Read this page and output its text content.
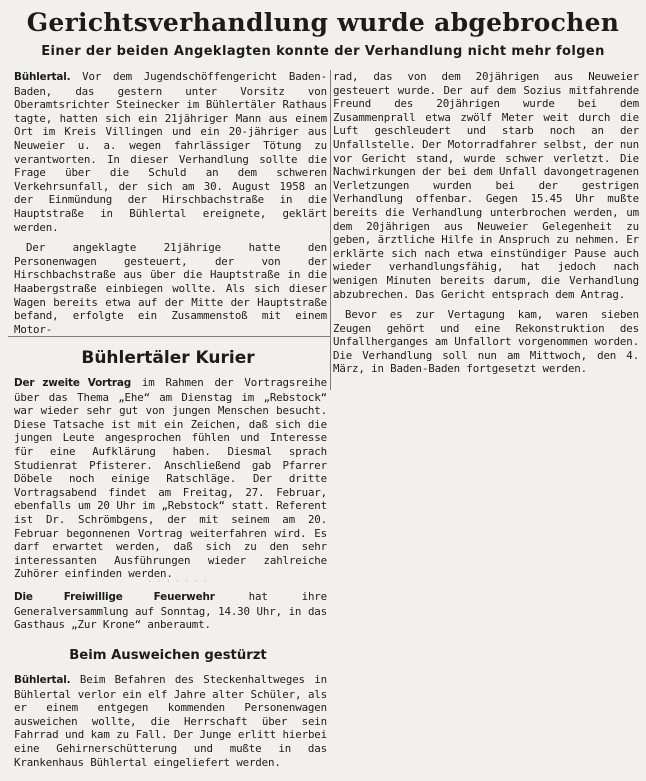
Gerichtsverhandlung wurde abgebrochen
Einer der beiden Angeklagten konnte der Verhandlung nicht mehr folgen

Bühlertal. Vor dem Jugendschöffengericht Baden-Baden, das gestern unter Vorsitz von Oberamtsrichter Steinecker im Bühlertäler Rathaus tagte, hatten sich ein 21jähriger Mann aus einem Ort im Kreis Villingen und ein 20-jähriger aus Neuweier u. a. wegen fahrlässiger Tötung zu verantworten. In dieser Verhandlung sollte die Frage über die Schuld an dem schweren Verkehrsunfall, der sich am 30. August 1958 an der Einmündung der Hirschbachstraße in die Hauptstraße in Bühlertal ereignete, geklärt werden.

Der angeklagte 21jährige hatte den Personenwagen gesteuert, der von der Hirschbachstraße aus über die Hauptstraße in die Haabergstraße einbiegen wollte. Als sich dieser Wagen bereits etwa auf der Mitte der Hauptstraße befand, erfolgte ein Zusammenstoß mit einem Motor-

rad, das von dem 20jährigen aus Neuweier gesteuert wurde. Der auf dem Sozius mitfahrende Freund des 20jährigen wurde bei dem Zusammenprall etwa zwölf Meter weit durch die Luft geschleudert und starb noch an der Unfallstelle. Der Motorradfahrer selbst, der nun vor Gericht stand, wurde schwer verletzt. Die Nachwirkungen der bei dem Unfall davongetragenen Verletzungen wurden bei der gestrigen Verhandlung offenbar. Gegen 15.45 Uhr mußte bereits die Verhandlung unterbrochen werden, um dem 20jährigen aus Neuweier Gelegenheit zu geben, ärztliche Hilfe in Anspruch zu nehmen. Er erklärte sich nach etwa einstündiger Pause auch wieder verhandlungsfähig, hat jedoch nach wenigen Minuten bereits darum, die Verhandlung abzubrechen. Das Gericht entsprach dem Antrag.

Bevor es zur Vertagung kam, waren sieben Zeugen gehört und eine Rekonstruktion des Unfallherganges am Unfallort vorgenommen worden. Die Verhandlung soll nun am Mittwoch, den 4. März, in Baden-Baden fortgesetzt werden.

Bühlertäler Kurier

Der zweite Vortrag im Rahmen der Vortragsreihe über das Thema „Ehe“ am Dienstag im „Rebstock“ war wieder sehr gut von jungen Menschen besucht. Diese Tatsache ist mit ein Zeichen, daß sich die jungen Leute angesprochen fühlen und Interesse für eine Aufklärung haben. Diesmal sprach Studienrat Pfisterer. Anschließend gab Pfarrer Döbele noch einige Ratschläge. Der dritte Vortragsabend findet am Freitag, 27. Februar, ebenfalls um 20 Uhr im „Rebstock“ statt. Referent ist Dr. Schrömbgens, der mit seinem am 20. Februar begonnenen Vortrag weiterfahren wird. Es darf erwartet werden, daß sich zu den sehr interessanten Ausführungen wieder zahlreiche Zuhörer einfinden werden.

Die Freiwillige Feuerwehr hat ihre Generalversammlung auf Sonntag, 14.30 Uhr, in das Gasthaus „Zur Krone“ anberaumt.

· · · · · · ·
Beim Ausweichen gestürzt

Bühlertal. Beim Befahren des Steckenhaltweges in Bühlertal verlor ein elf Jahre alter Schüler, als er einem entgegen kommenden Personenwagen ausweichen wollte, die Herrschaft über sein Fahrrad und kam zu Fall. Der Junge erlitt hierbei eine Gehirnerschütterung und mußte in das Krankenhaus Bühlertal eingeliefert werden.
